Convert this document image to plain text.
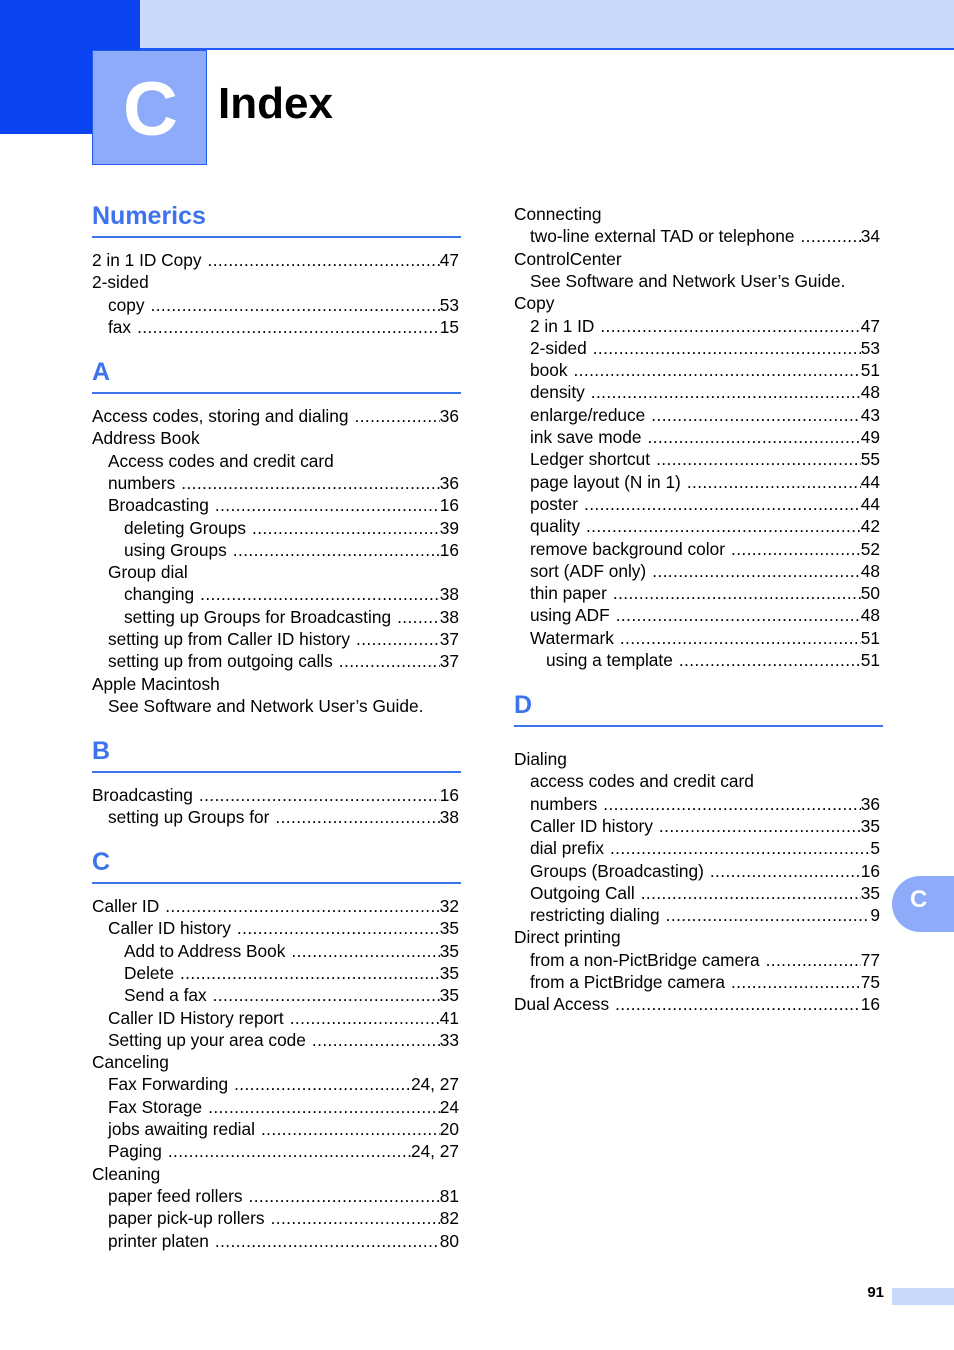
C Index
Numerics
2 in 1 ID Copy .....	47
2-sided
copy .....	53
fax .....	15
A
Access codes, storing and dialing .....	36
Address Book
Access codes and credit card
numbers .....	36
Broadcasting .....	16
deleting Groups .....	39
using Groups .....	16
Group dial
changing .....	38
setting up Groups for Broadcasting .....	38
setting up from Caller ID history .....	37
setting up from outgoing calls .....	37
Apple Macintosh
See Software and Network User’s Guide.
B
Broadcasting .....	16
setting up Groups for .....	38
C
Caller ID .....	32
Caller ID history .....	35
Add to Address Book .....	35
Delete .....	35
Send a fax .....	35
Caller ID History report .....	41
Setting up your area code .....	33
Canceling
Fax Forwarding .....	24, 27
Fax Storage .....	24
jobs awaiting redial .....	20
Paging .....	24, 27
Cleaning
paper feed rollers .....	81
paper pick-up rollers .....	82
printer platen .....	80
Connecting
two-line external TAD or telephone .....	34
ControlCenter
See Software and Network User’s Guide.
Copy
2 in 1 ID .....	47
2-sided .....	53
book .....	51
density .....	48
enlarge/reduce .....	43
ink save mode .....	49
Ledger shortcut .....	55
page layout (N in 1) .....	44
poster .....	44
quality .....	42
remove background color .....	52
sort (ADF only) .....	48
thin paper .....	50
using ADF .....	48
Watermark .....	51
using a template .....	51
D
Dialing
access codes and credit card
numbers .....	36
Caller ID history .....	35
dial prefix .....	5
Groups (Broadcasting) .....	16
Outgoing Call .....	35
restricting dialing .....	9
Direct printing
from a non-PictBridge camera .....	77
from a PictBridge camera .....	75
Dual Access .....	16
C
91
